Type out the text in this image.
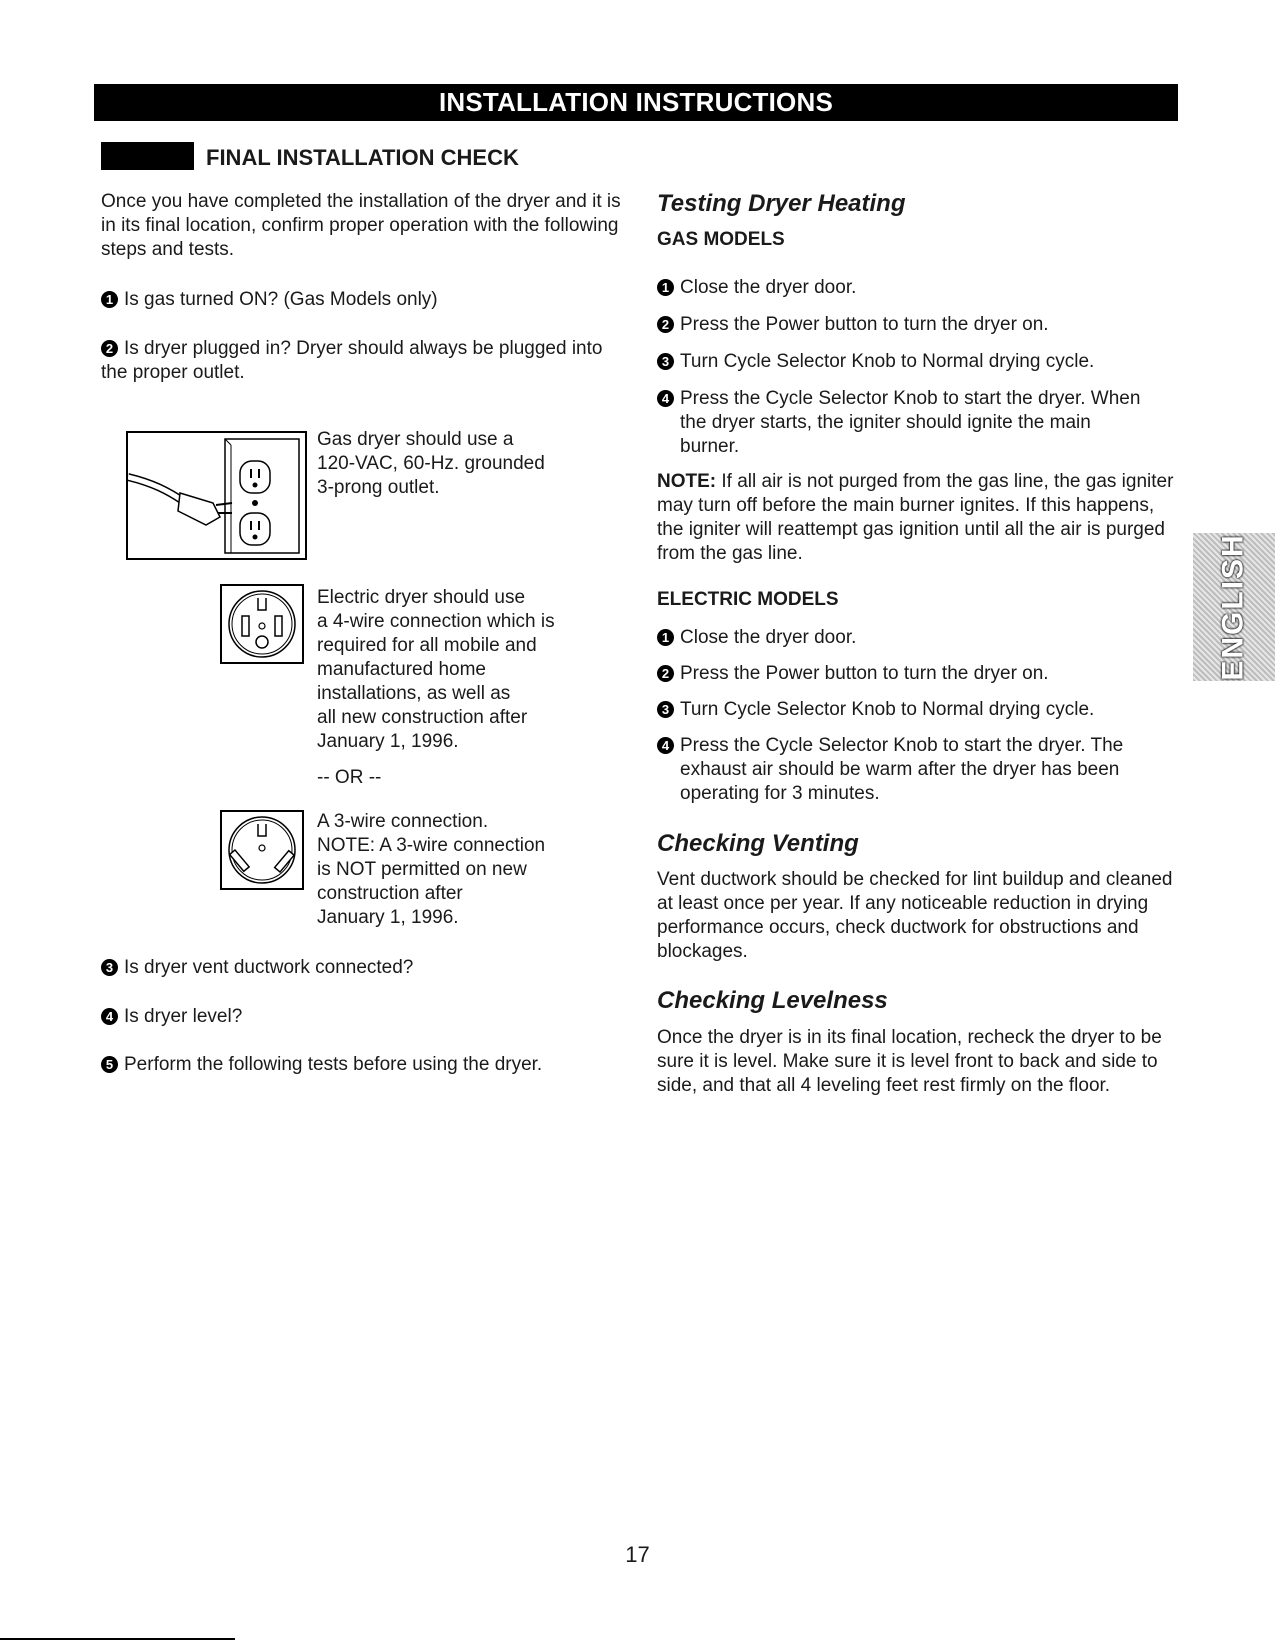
INSTALLATION INSTRUCTIONS
FINAL INSTALLATION CHECK

Once you have completed the installation of the dryer and it is in its final location, confirm proper operation with the following steps and tests.

1 Is gas turned ON? (Gas Models only)
2 Is dryer plugged in? Dryer should always be plugged into the proper outlet.
Gas dryer should use a
120-VAC, 60-Hz. grounded
3-prong outlet.
Electric dryer should use
a 4-wire connection which is
required for all mobile and
manufactured home
installations, as well as
all new construction after
January 1, 1996.
-- OR --
A 3-wire connection.
NOTE: A 3-wire connection
is NOT permitted on new
construction after
January 1, 1996.
3 Is dryer vent ductwork connected?
4 Is dryer level?
5 Perform the following tests before using the dryer.
Testing Dryer Heating
GAS MODELS
1 Close the dryer door.
2 Press the Power button to turn the dryer on.
3 Turn Cycle Selector Knob to Normal drying cycle.
4 Press the Cycle Selector Knob to start the dryer. When the dryer starts, the igniter should ignite the main burner.

NOTE: If all air is not purged from the gas line, the gas igniter may turn off before the main burner ignites. If this happens, the igniter will reattempt gas ignition until all the air is purged from the gas line.

ELECTRIC MODELS
1 Close the dryer door.
2 Press the Power button to turn the dryer on.
3 Turn Cycle Selector Knob to Normal drying cycle.
4 Press the Cycle Selector Knob to start the dryer. The exhaust air should be warm after the dryer has been operating for 3 minutes.
Checking Venting

Vent ductwork should be checked for lint buildup and cleaned at least once per year. If any noticeable reduction in drying performance occurs, check ductwork for obstructions and blockages.

Checking Levelness

Once the dryer is in its final location, recheck the dryer to be sure it is level. Make sure it is level front to back and side to side, and that all 4 leveling feet rest firmly on the floor.

ENGLISH
17
